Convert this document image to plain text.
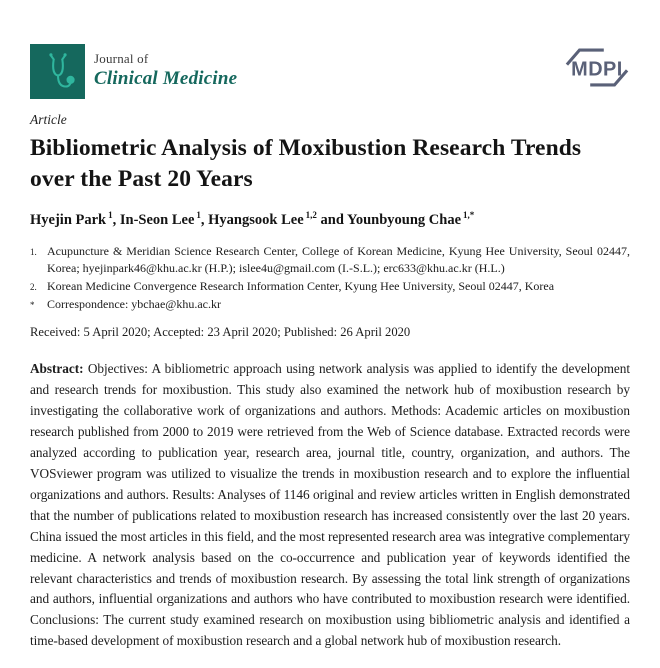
Journal of
Clinical Medicine	MDPI
Article
Bibliometric Analysis of Moxibustion Research Trends over the Past 20 Years

Hyejin Park $^1$, In-Seon Lee $^1$, Hyangsook Lee $^{1,2}$ and Younbyoung Chae $^{1,*}$

1. Acupuncture & Meridian Science Research Center, College of Korean Medicine, Kyung Hee University, Seoul 02447, Korea; hyejinpark46@khu.ac.kr (H.P.); islee4u@gmail.com (I.-S.L.); erc633@khu.ac.kr (H.L.)
2. Korean Medicine Convergence Research Information Center, Kyung Hee University, Seoul 02447, Korea
*	Correspondence: ybchae@khu.ac.kr
Received: 5 April 2020; Accepted: 23 April 2020; Published: 26 April 2020

Abstract: Objectives: A bibliometric approach using network analysis was applied to identify the development and research trends for moxibustion. This study also examined the network hub of moxibustion research by investigating the collaborative work of organizations and authors. Methods: Academic articles on moxibustion research published from 2000 to 2019 were retrieved from the Web of Science database. Extracted records were analyzed according to publication year, research area, journal title, country, organization, and authors. The VOSviewer program was utilized to visualize the trends in moxibustion research and to explore the influential organizations and authors. Results: Analyses of 1146 original and review articles written in English demonstrated that the number of publications related to moxibustion research has increased consistently over the last 20 years. China issued the most articles in this field, and the most represented research area was integrative complementary medicine. A network analysis based on the co-occurrence and publication year of keywords identified the relevant characteristics and trends of moxibustion research. By assessing the total link strength of organizations and authors, influential organizations and authors who have contributed to moxibustion research were identified. Conclusions: The current study examined research on moxibustion using bibliometric analysis and identified a time-based development of moxibustion research and a global network hub of moxibustion research.
